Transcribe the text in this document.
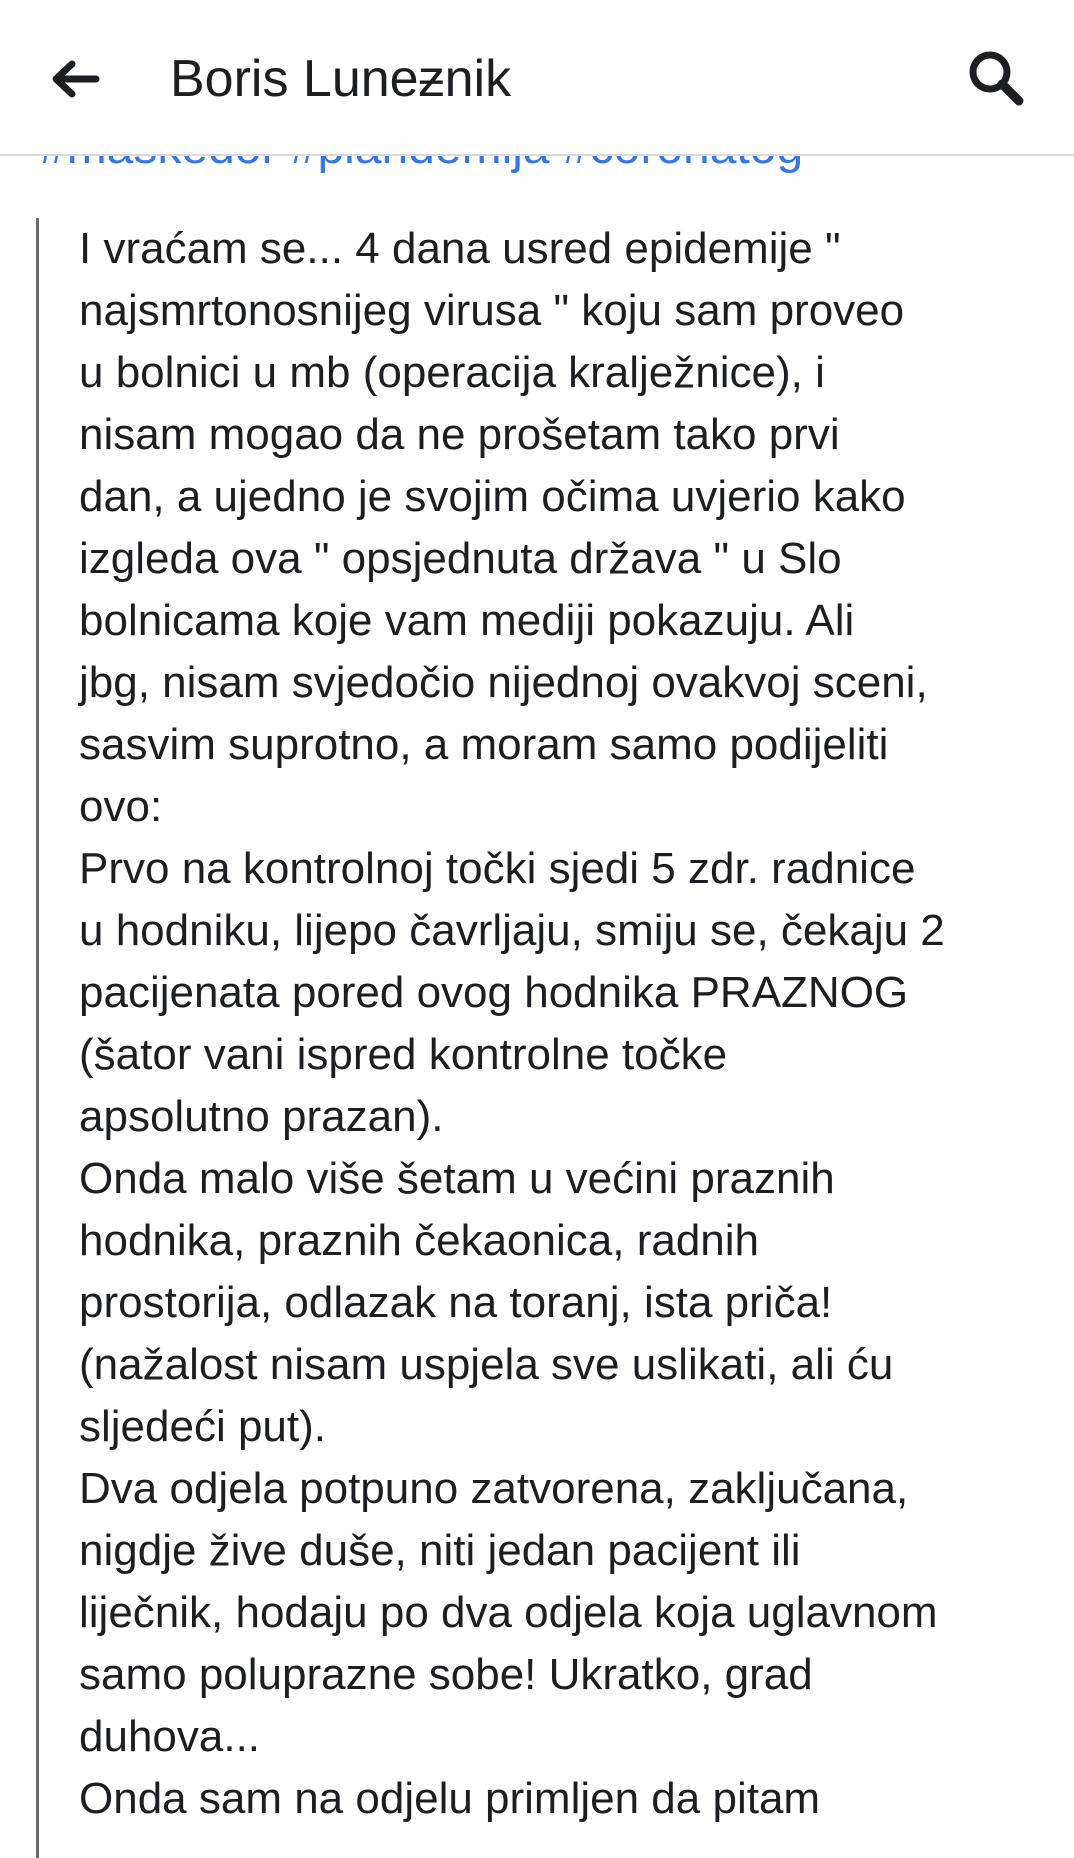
Boris Luneƶnik
I vraćam se... 4 dana usred epidemije "
najsmrtonosnijeg virusa " koju sam proveo
u bolnici u mb (operacija kralježnice), i
nisam mogao da ne prošetam tako prvi
dan, a ujedno je svojim očima uvjerio kako
izgleda ova " opsjednuta država " u Slo
bolnicama koje vam mediji pokazuju. Ali
jbg, nisam svjedočio nijednoj ovakvoj sceni,
sasvim suprotno, a moram samo podijeliti
ovo:
Prvo na kontrolnoj točki sjedi 5 zdr. radnice
u hodniku, lijepo čavrljaju, smiju se, čekaju 2
pacijenata pored ovog hodnika PRAZNOG
(šator vani ispred kontrolne točke
apsolutno prazan).
Onda malo više šetam u većini praznih
hodnika, praznih čekaonica, radnih
prostorija, odlazak na toranj, ista priča!
(nažalost nisam uspjela sve uslikati, ali ću
sljedeći put).
Dva odjela potpuno zatvorena, zaključana,
nigdje žive duše, niti jedan pacijent ili
liječnik, hodaju po dva odjela koja uglavnom
samo poluprazne sobe! Ukratko, grad
duhova...
Onda sam na odjelu primljen da pitam
